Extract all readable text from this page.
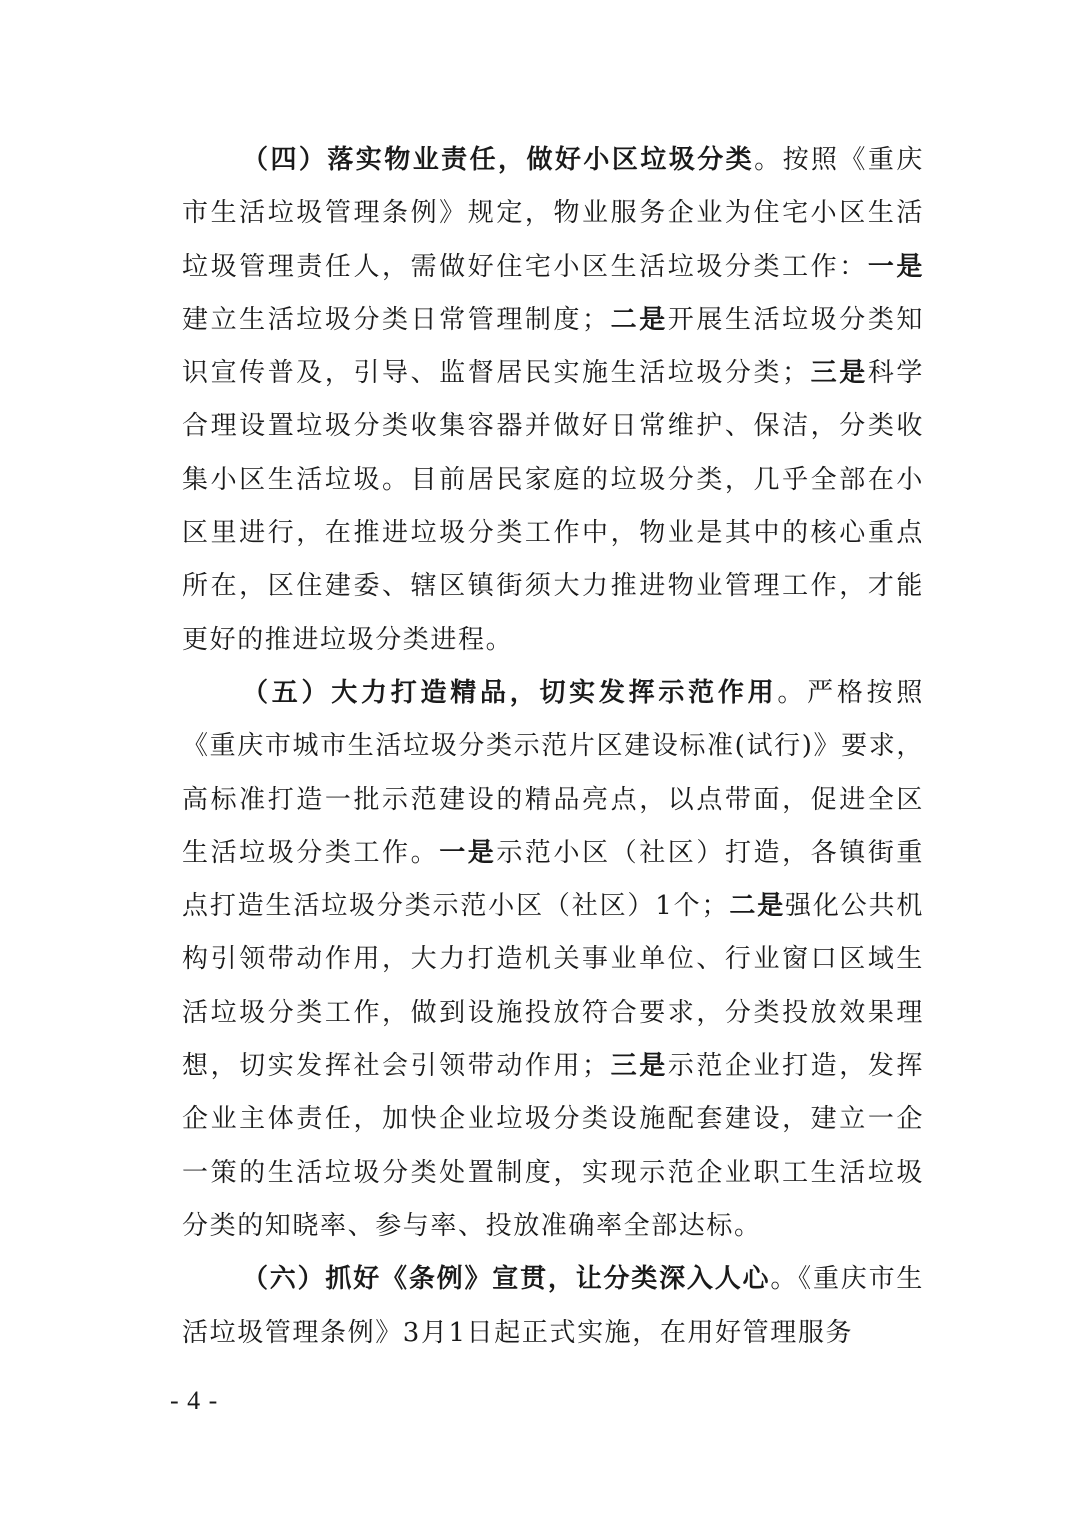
（四）落实物业责任，做好小区垃圾分类。按照《重庆市生活垃圾管理条例》规定，物业服务企业为住宅小区生活垃圾管理责任人，需做好住宅小区生活垃圾分类工作：一是建立生活垃圾分类日常管理制度；二是开展生活垃圾分类知识宣传普及，引导、监督居民实施生活垃圾分类；三是科学合理设置垃圾分类收集容器并做好日常维护、保洁，分类收集小区生活垃圾。目前居民家庭的垃圾分类，几乎全部在小区里进行，在推进垃圾分类工作中，物业是其中的核心重点所在，区住建委、辖区镇街须大力推进物业管理工作，才能更好的推进垃圾分类进程。

（五）大力打造精品，切实发挥示范作用。严格按照《重庆市城市生活垃圾分类示范片区建设标准(试行)》要求，高标准打造一批示范建设的精品亮点，以点带面，促进全区生活垃圾分类工作。一是示范小区（社区）打造，各镇街重点打造生活垃圾分类示范小区（社区）1个；二是强化公共机构引领带动作用，大力打造机关事业单位、行业窗口区域生活垃圾分类工作，做到设施投放符合要求，分类投放效果理想，切实发挥社会引领带动作用；三是示范企业打造，发挥企业主体责任，加快企业垃圾分类设施配套建设，建立一企一策的生活垃圾分类处置制度，实现示范企业职工生活垃圾分类的知晓率、参与率、投放准确率全部达标。

（六）抓好《条例》宣贯，让分类深入人心。《重庆市生活垃圾管理条例》3月1日起正式实施，在用好管理服务

- 4 -
